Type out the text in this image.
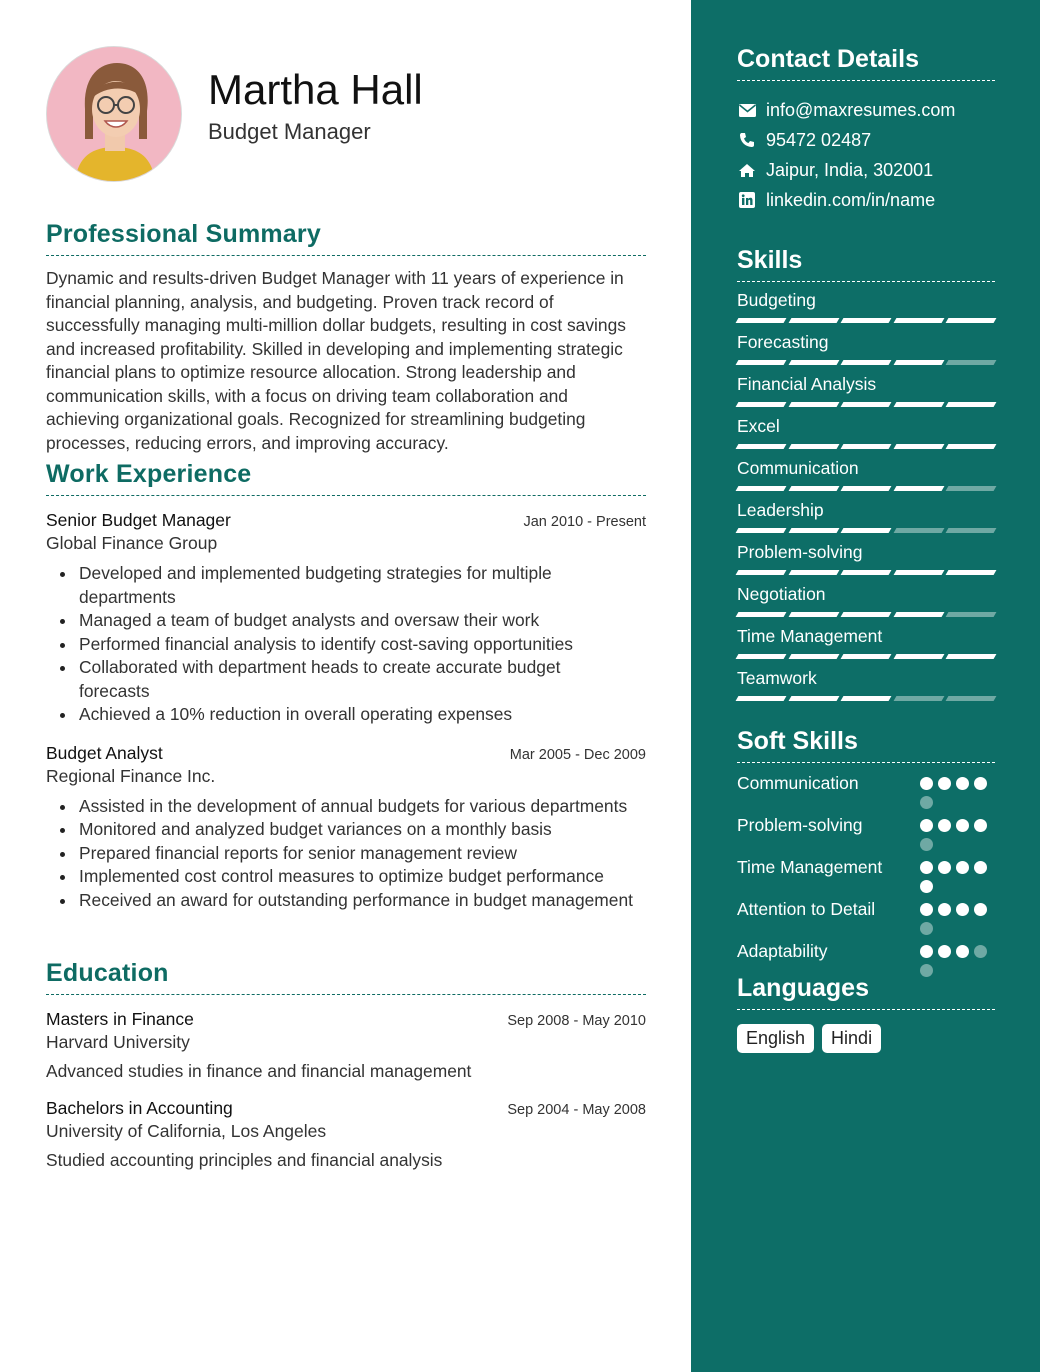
Martha Hall
Budget Manager
Professional Summary

Dynamic and results-driven Budget Manager with 11 years of experience in financial planning, analysis, and budgeting. Proven track record of successfully managing multi-million dollar budgets, resulting in cost savings and increased profitability. Skilled in developing and implementing strategic financial plans to optimize resource allocation. Strong leadership and communication skills, with a focus on driving team collaboration and achieving organizational goals. Recognized for streamlining budgeting processes, reducing errors, and improving accuracy.

Work Experience
Senior Budget Manager	Jan 2010 - Present
Global Finance Group
Developed and implemented budgeting strategies for multiple departments
Managed a team of budget analysts and oversaw their work
Performed financial analysis to identify cost-saving opportunities
Collaborated with department heads to create accurate budget forecasts
Achieved a 10% reduction in overall operating expenses
Budget Analyst	Mar 2005 - Dec 2009
Regional Finance Inc.
Assisted in the development of annual budgets for various departments
Monitored and analyzed budget variances on a monthly basis
Prepared financial reports for senior management review
Implemented cost control measures to optimize budget performance
Received an award for outstanding performance in budget management
Education
Masters in Finance	Sep 2008 - May 2010
Harvard University
Advanced studies in finance and financial management
Bachelors in Accounting	Sep 2004 - May 2008
University of California, Los Angeles
Studied accounting principles and financial analysis
Contact Details
info@maxresumes.com
95472 02487
Jaipur, India, 302001
linkedin.com/in/name
Skills
Budgeting
Forecasting
Financial Analysis
Excel
Communication
Leadership
Problem-solving
Negotiation
Time Management
Teamwork
Soft Skills
Communication
Problem-solving
Time Management
Attention to Detail
Adaptability
Languages
English	Hindi
